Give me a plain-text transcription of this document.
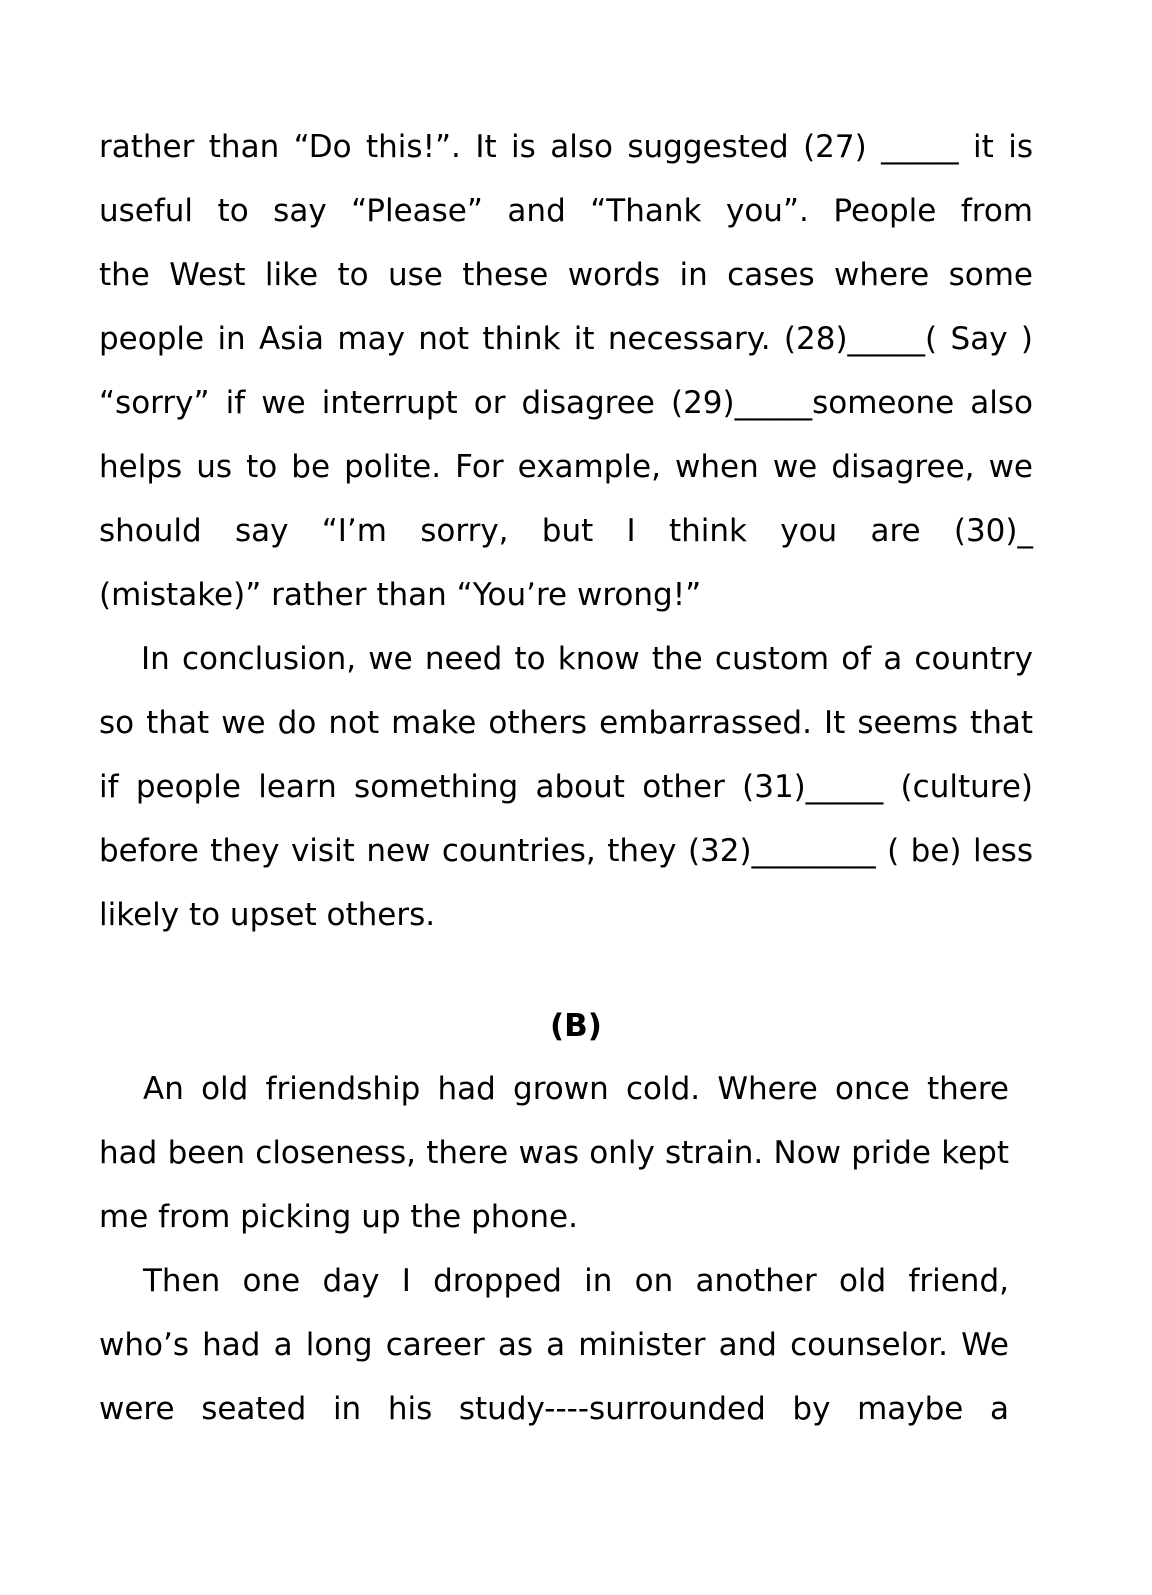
rather than “Do this!”. It is also suggested (27) _____ it is
useful to say “Please” and “Thank you”. People from
the West like to use these words in cases where some
people in Asia may not think it necessary. (28)_____( Say )
“sorry” if we interrupt or disagree (29)_____someone also
helps us to be polite. For example, when we disagree, we
should say “I’m sorry, but I think you are (30)_
(mistake)” rather than “You’re wrong!”
In conclusion, we need to know the custom of a country
so that we do not make others embarrassed. It seems that
if people learn something about other (31)_____ (culture)
before they visit new countries, they (32)________ ( be) less
likely to upset others.
(B)
An old friendship had grown cold. Where once there
had been closeness, there was only strain. Now pride kept
me from picking up the phone.
Then one day I dropped in on another old friend,
who’s had a long career as a minister and counselor. We
were seated in his study----surrounded by maybe a
